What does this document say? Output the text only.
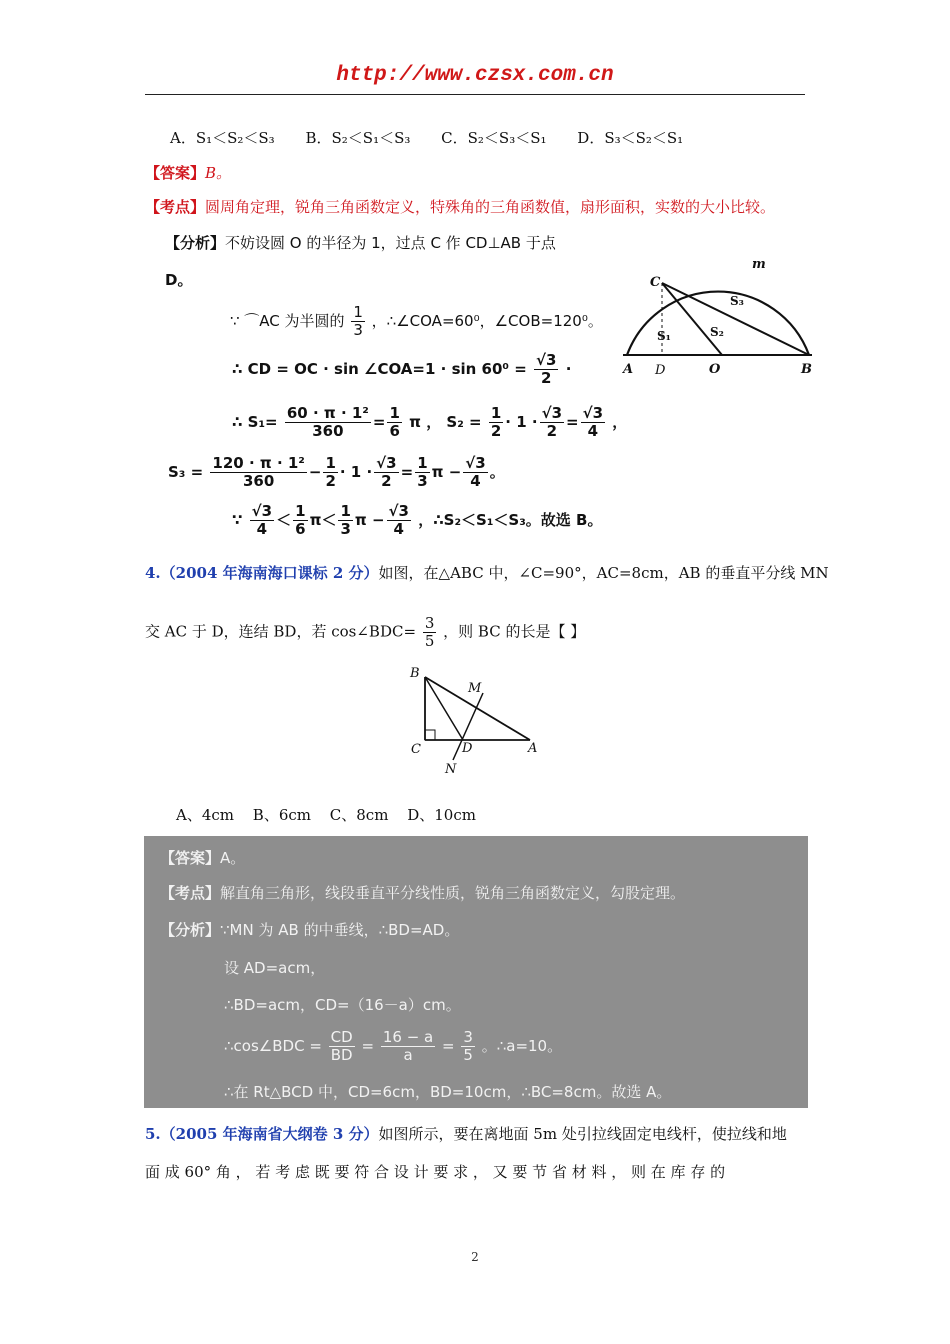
http://www.czsx.com.cn
A．S₁＜S₂＜S₃ B．S₂＜S₁＜S₃ C．S₂＜S₃＜S₁ D．S₃＜S₂＜S₁
【答案】B。
【考点】圆周角定理，锐角三角函数定义，特殊角的三角函数值，扇形面积，实数的大小比较。
【分析】不妨设圆 O 的半径为 1，过点 C 作 CD⊥AB 于点
D。
∵ ⌒AC 为半圆的 $\frac{1}{3}$ ，∴∠COA=60⁰，∠COB=120⁰。
∴ CD = OC · sin ∠COA=1 · $\sin 60^0 = \frac{√3}{2}$ ·
∴ $S_1= \frac{\text{60 · π · 1²}}{360} = \frac{1}{6}$ π ， $S_2 = \frac{1}{2} \cdot 1 \cdot \frac{√3}{2} = \frac{√3}{4}$ ，
$S_3 = \frac{\text{120 · π · 1²}}{360} - \frac{1}{2} \cdot 1 \cdot \frac{√3}{2} = \frac{1}{3}$ $\pi - \frac{√3}{4}$ 。
∵ $\frac{√3}{4} < \frac{1}{6} \pi< \frac{1}{3}$ $\pi - \frac{√3}{4}$ ，∴S₂＜S₁＜S₃。故选 B。
C
m
S₃
S₁	S₂
A D	O	B
4.（2004 年海南海口课标 2 分）如图，在△ABC 中，∠C=90°，AC=8cm，AB 的垂直平分线 MN
交 AC 于 D，连结 BD，若 cos∠BDC= $\frac{3}{5}$ ，则 BC 的长是【 】
B
M
C	D	A
N
A、4cm B、6cm C、8cm D、10cm
【答案】A。
【考点】解直角三角形，线段垂直平分线性质，锐角三角函数定义，勾股定理。
【分析】∵MN 为 AB 的中垂线，∴BD=AD。
设 AD=acm，
∴BD=acm，CD=（16－a）cm。
∴cos∠BDC = $\frac{CD}{BD} = \frac{16 - a}{a} = \frac{3}{5}$ 。∴a=10。
∴在 Rt△BCD 中，CD=6cm，BD=10cm，∴BC=8cm。故选 A。
5.（2005 年海南省大纲卷 3 分）如图所示，要在离地面 5m 处引拉线固定电线杆，使拉线和地
面 成 60° 角 ， 若 考 虑 既 要 符 合 设 计 要 求 ， 又 要 节 省 材 料 ， 则 在 库 存 的
2
